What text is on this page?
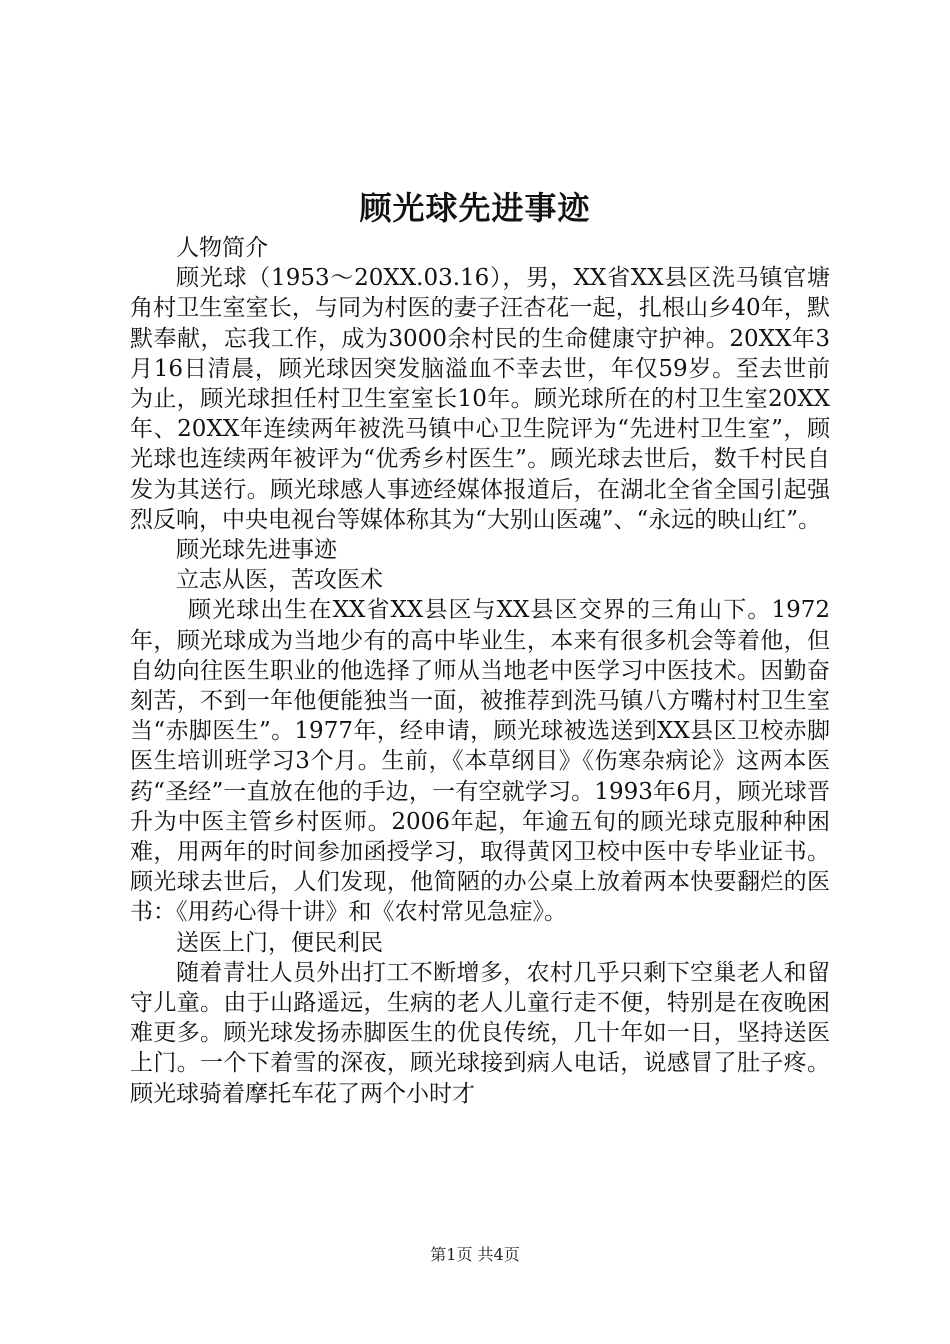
顾光球先进事迹

人物简介

顾光球（1953～20XX.03.16），男，XX省XX县区洗马镇官塘角村卫生室室长，与同为村医的妻子汪杏花一起，扎根山乡40年，默默奉献，忘我工作，成为3000余村民的生命健康守护神。20XX年3月16日清晨，顾光球因突发脑溢血不幸去世，年仅59岁。至去世前为止，顾光球担任村卫生室室长10年。顾光球所在的村卫生室20XX年、20XX年连续两年被洗马镇中心卫生院评为“先进村卫生室”，顾光球也连续两年被评为“优秀乡村医生”。顾光球去世后，数千村民自发为其送行。顾光球感人事迹经媒体报道后，在湖北全省全国引起强烈反响，中央电视台等媒体称其为“大别山医魂”、“永远的映山红”。

顾光球先进事迹

立志从医，苦攻医术

顾光球出生在XX省XX县区与XX县区交界的三角山下。1972年，顾光球成为当地少有的高中毕业生，本来有很多机会等着他，但自幼向往医生职业的他选择了师从当地老中医学习中医技术。因勤奋刻苦，不到一年他便能独当一面，被推荐到洗马镇八方嘴村村卫生室当“赤脚医生”。1977年，经申请，顾光球被选送到XX县区卫校赤脚医生培训班学习3个月。生前，《本草纲目》《伤寒杂病论》这两本医药“圣经”一直放在他的手边，一有空就学习。1993年6月，顾光球晋升为中医主管乡村医师。2006年起，年逾五旬的顾光球克服种种困难，用两年的时间参加函授学习，取得黄冈卫校中医中专毕业证书。顾光球去世后，人们发现，他简陋的办公桌上放着两本快要翻烂的医书：《用药心得十讲》和《农村常见急症》。

送医上门，便民利民

随着青壮人员外出打工不断增多，农村几乎只剩下空巢老人和留守儿童。由于山路遥远，生病的老人儿童行走不便，特别是在夜晚困难更多。顾光球发扬赤脚医生的优良传统，几十年如一日，坚持送医上门。一个下着雪的深夜，顾光球接到病人电话，说感冒了肚子疼。顾光球骑着摩托车花了两个小时才

第1页 共4页
